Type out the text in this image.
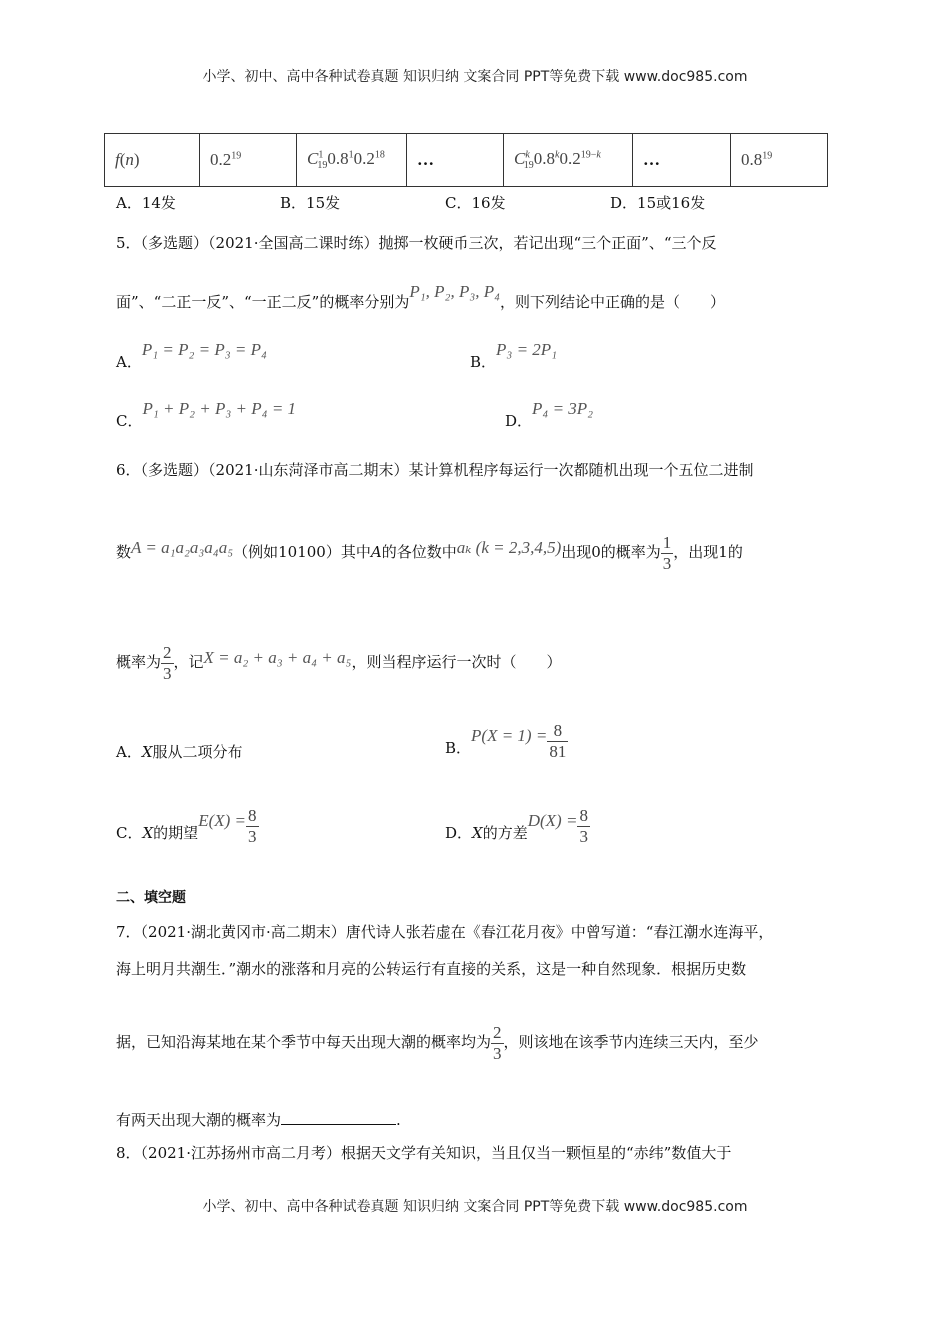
小学、初中、高中各种试卷真题 知识归纳 文案合同 PPT等免费下载 www.doc985.com
f(n)	$0.2^{19}$	$C^1_{19}0.8^10.2^{18}$	…	$C^k_{19}0.8^k0.2^{19-k}$	…	$0.8^{19}$
A．14发	B．15发	C．16发	D．15或16发
5．（多选题）（2021·全国高二课时练）抛掷一枚硬币三次，若记出现“三个正面”、“三个反
面”、“二正一反”、“一正二反”的概率分别为P₁, P₂, P₃, P₄，则下列结论中正确的是（　　）
A．P₁ = P₂ = P₃ = P₄
B．P₃ = 2P₁
C．P₁ + P₂ + P₃ + P₄ = 1
D．P₄ = 3P₂
6．（多选题）（2021·山东菏泽市高二期末）某计算机程序每运行一次都随机出现一个五位二进制
数A = a₁a₂a₃a₄a₅（例如10100）其中A的各位数中aₖ (k = 2,3,4,5)出现0的概率为 $\frac{1}{3}$ ，出现1的
概率为 $\frac{2}{3}$ ，记X = a₂ + a₃ + a₄ + a₅，则当程序运行一次时（　　）
A．X服从二项分布	B．$P(X = 1) = \frac{8}{81}$
C．X的期望$E(X) = \frac{8}{3}$	D．X的方差$D(X) = \frac{8}{3}$
二、填空题
7．（2021·湖北黄冈市·高二期末）唐代诗人张若虚在《春江花月夜》中曾写道：“春江潮水连海平，
海上明月共潮生．”潮水的涨落和月亮的公转运行有直接的关系，这是一种自然现象．根据历史数
据，已知沿海某地在某个季节中每天出现大潮的概率均为 $\frac{2}{3}$ ，则该地在该季节内连续三天内，至少
有两天出现大潮的概率为	.
8．（2021·江苏扬州市高二月考）根据天文学有关知识，当且仅当一颗恒星的“赤纬”数值大于
小学、初中、高中各种试卷真题 知识归纳 文案合同 PPT等免费下载 www.doc985.com
